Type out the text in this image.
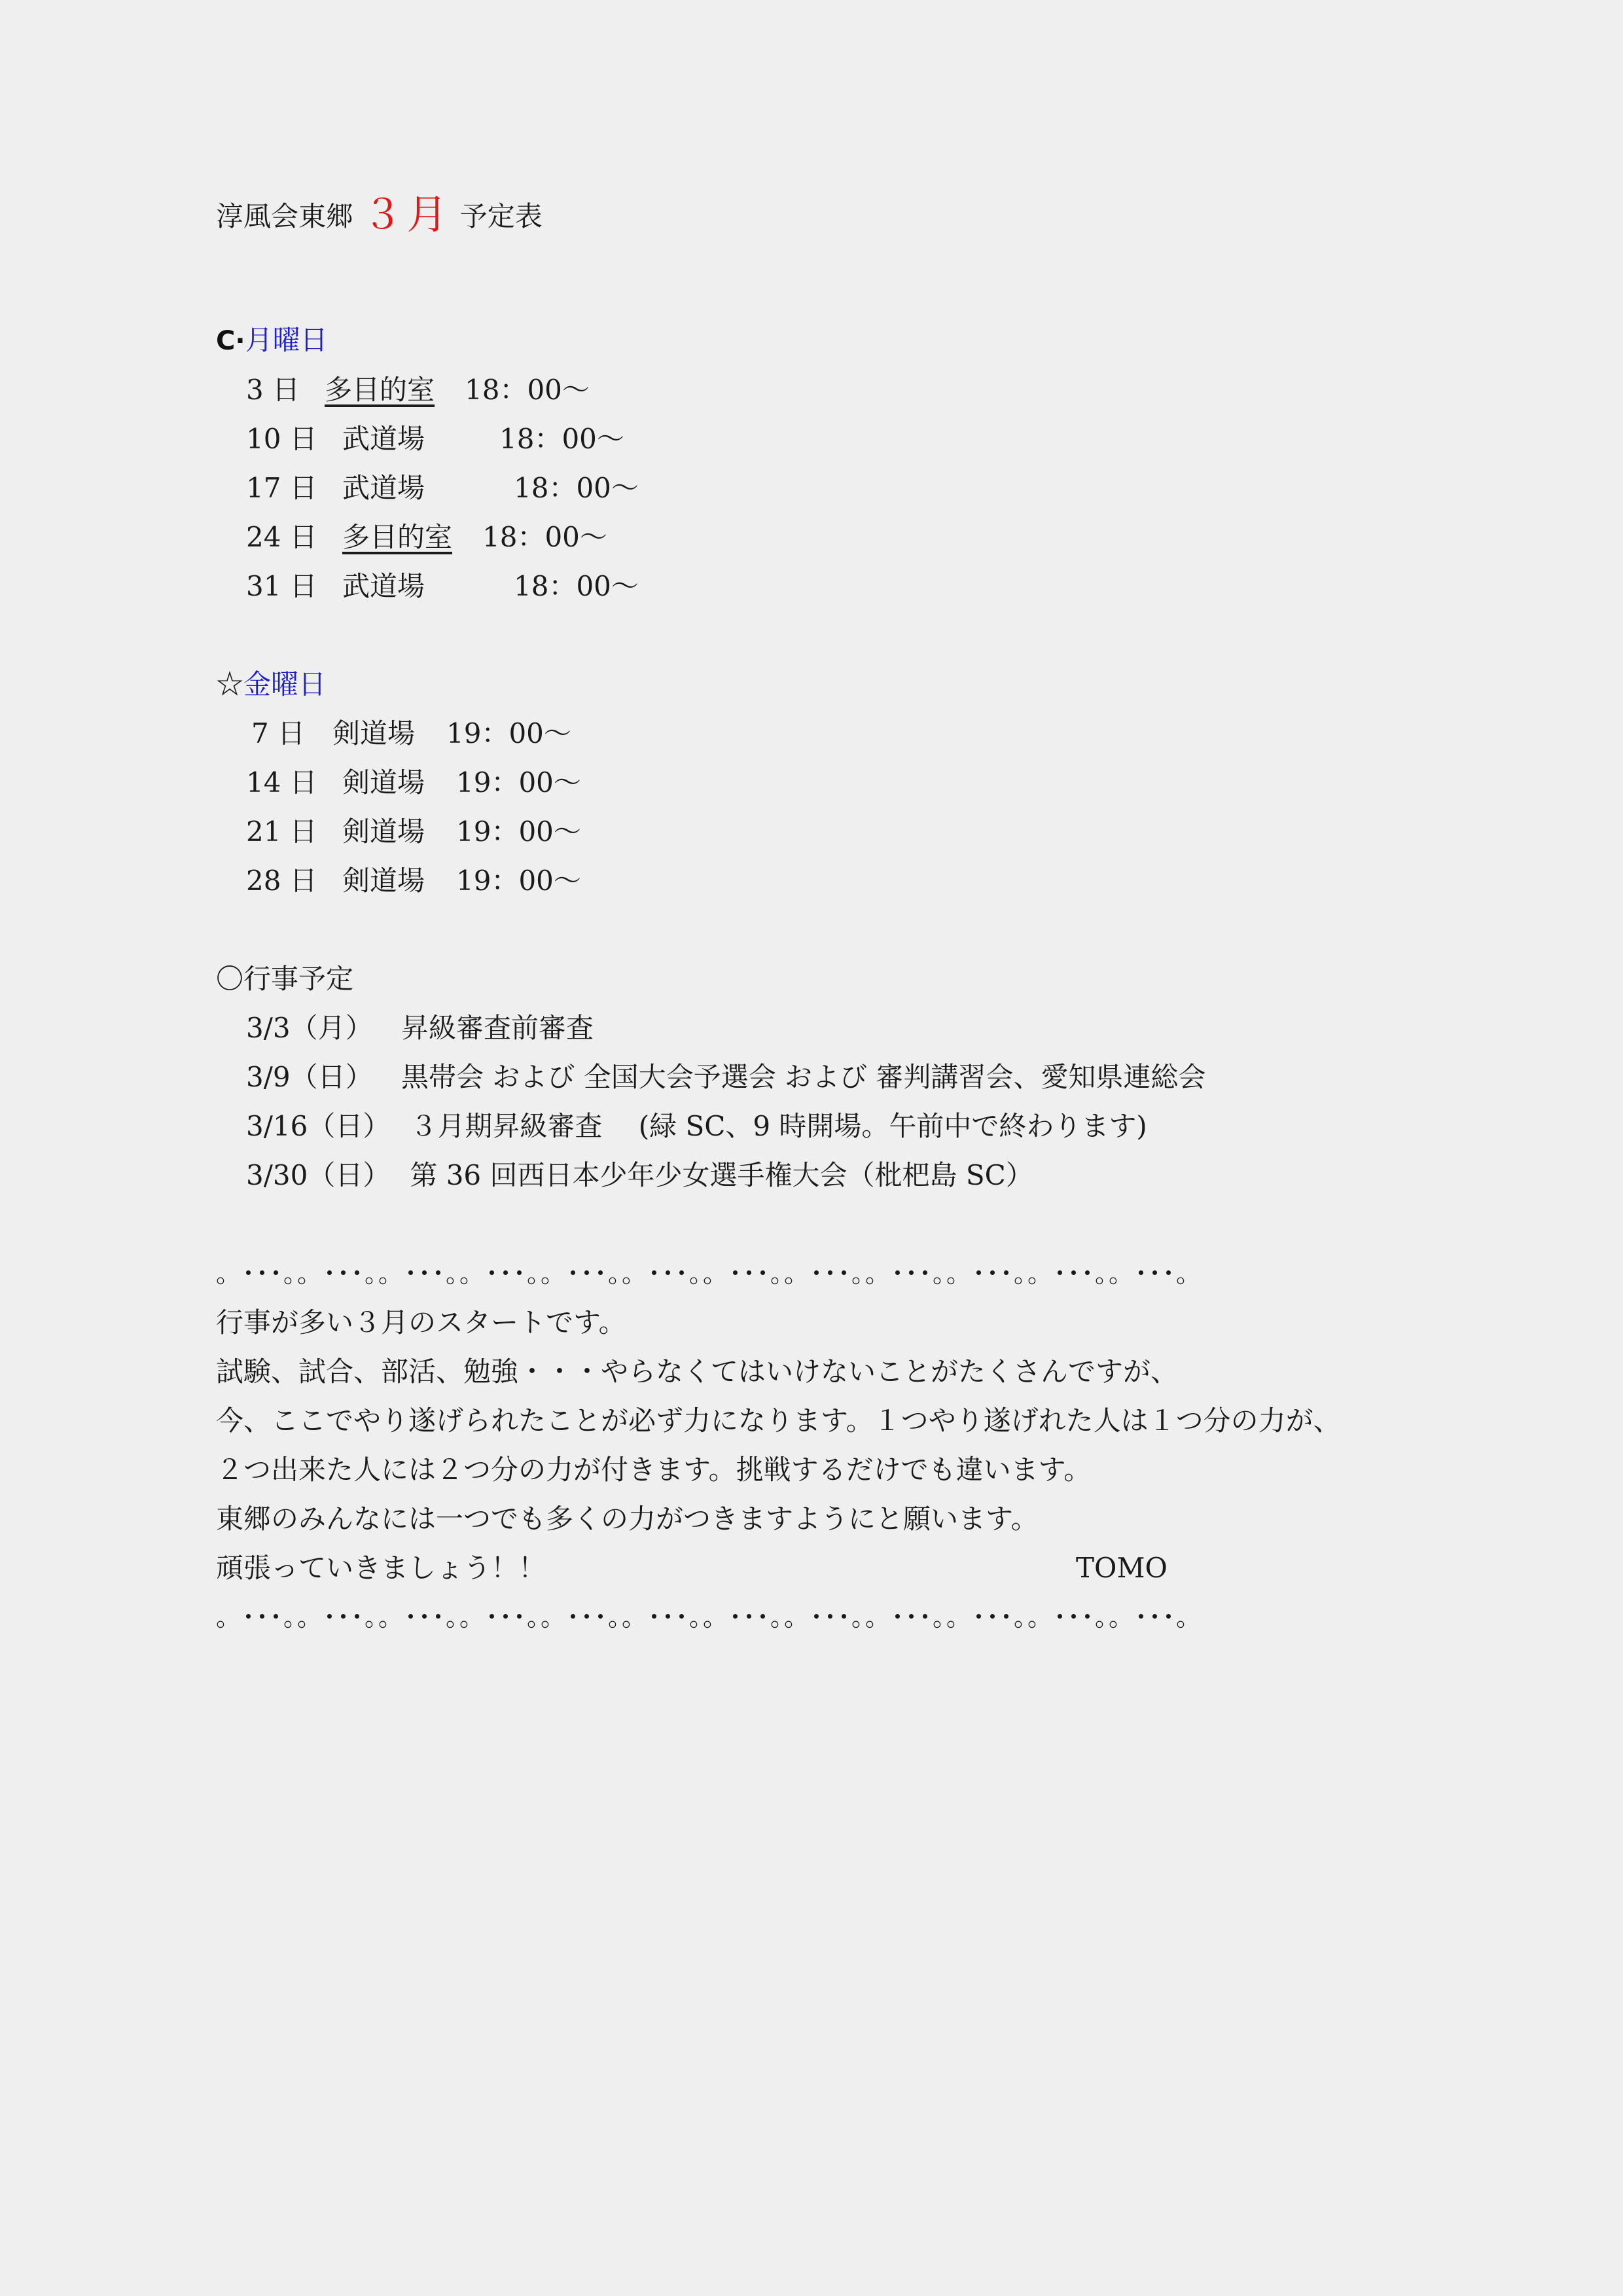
淳風会東郷 ３月 予定表
C·月曜日
3 日 多目的室 18：00～
10 日 武道場	18：00～
17 日 武道場	18：00～
24 日 多目的室 18：00～
31 日 武道場	18：00～
☆金曜日
7 日 剣道場 19：00～
14 日 剣道場 19：00～
21 日 剣道場 19：00～
28 日 剣道場 19：00～
〇行事予定
3/3（月） 昇級審査前審査
3/9（日） 黒帯会 および 全国大会予選会 および 審判講習会、愛知県連総会
3/16（日） ３月期昇級審査　 (緑 SC、9 時開場。午前中で終わります)
3/30（日） 第 36 回西日本少年少女選手権大会（枇杷島 SC）
。･･･。。･･･。。･･･。。･･･。。･･･。。･･･。。･･･。。･･･。。･･･。。･･･。。･･･。。･･･。
行事が多い３月のスタートです。
試験、試合、部活、勉強・・・やらなくてはいけないことがたくさんですが、
今、ここでやり遂げられたことが必ず力になります。１つやり遂げれた人は１つ分の力が、
２つ出来た人には２つ分の力が付きます。挑戦するだけでも違います。
東郷のみんなには一つでも多くの力がつきますようにと願います。
頑張っていきましょう！！	TOMO
。･･･。。･･･。。･･･。。･･･。。･･･。。･･･。。･･･。。･･･。。･･･。。･･･。。･･･。。･･･。
